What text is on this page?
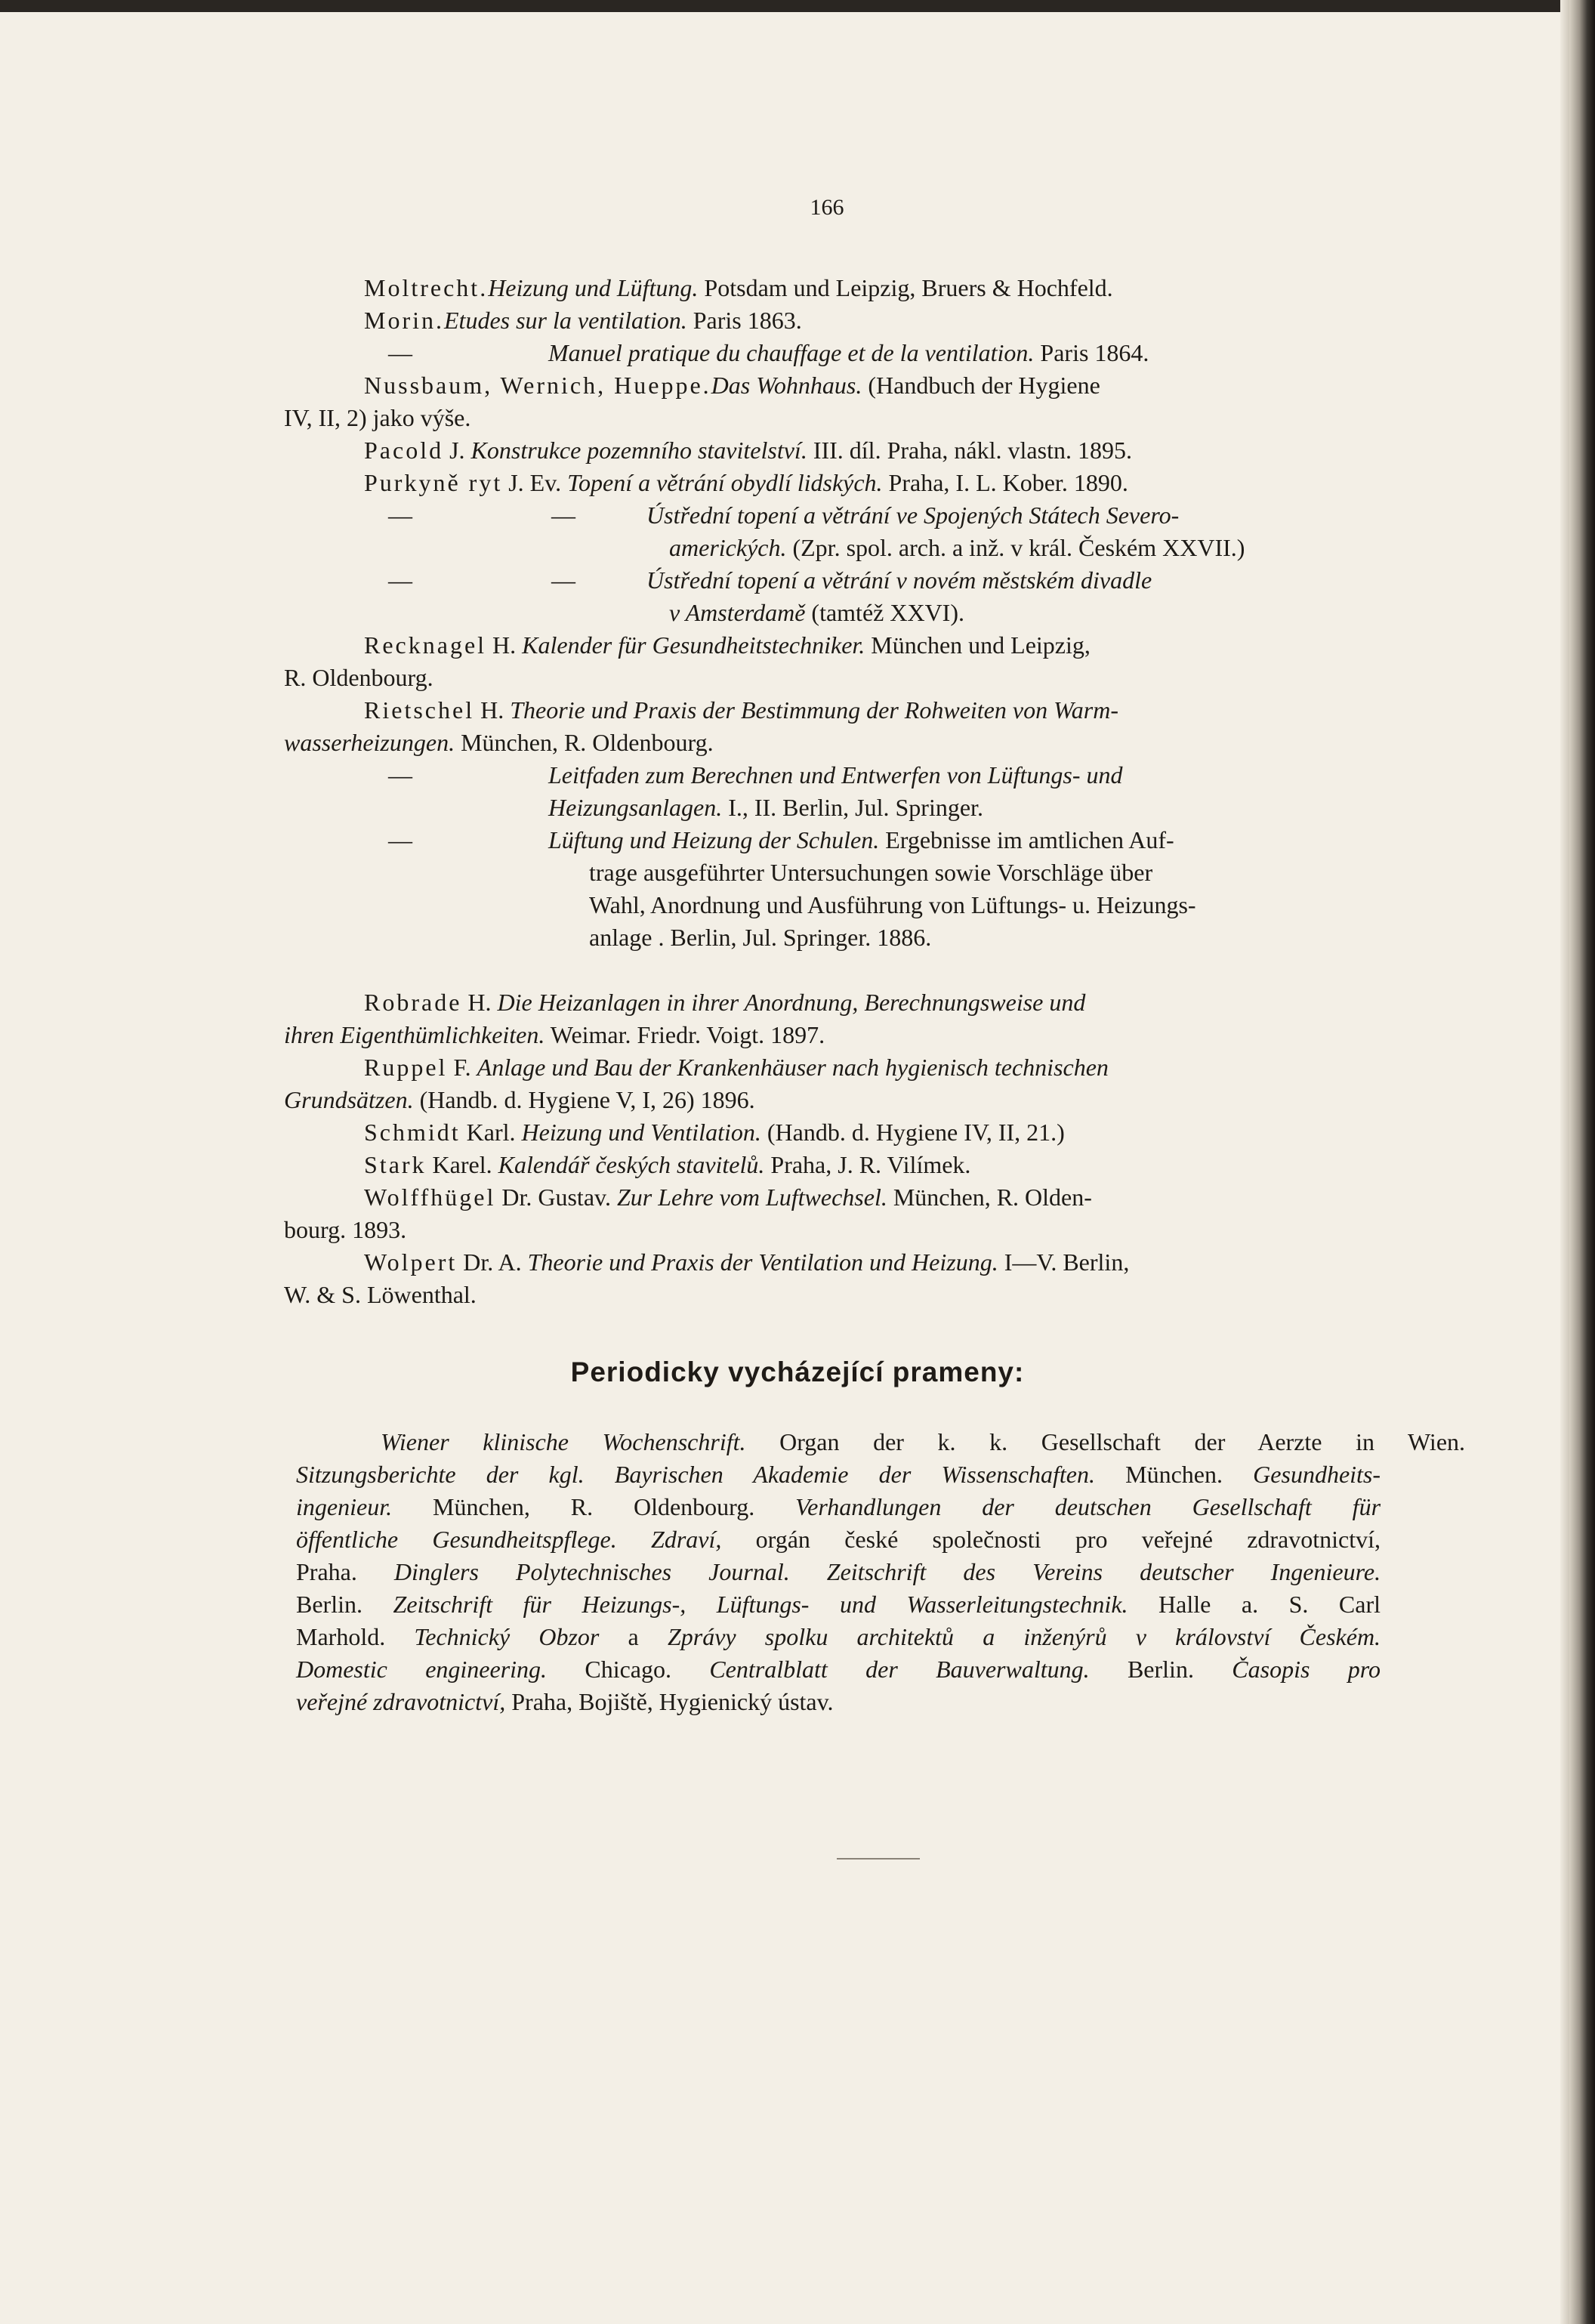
166
Moltrecht.Heizung und Lüftung. Potsdam und Leipzig, Bruers & Hochfeld.
Morin.Etudes sur la ventilation. Paris 1863.
—	Manuel pratique du chauffage et de la ventilation. Paris 1864.
Nussbaum, Wernich, Hueppe.Das Wohnhaus. (Handbuch der Hygiene
IV, II, 2) jako výše.
Pacold J. Konstrukce pozemního stavitelství. III. díl. Praha, nákl. vlastn. 1895.
Purkyně ryt J. Ev. Topení a větrání obydlí lidských. Praha, I. L. Kober. 1890.
—	—	Ústřední topení a větrání ve Spojených Státech Severo-
amerických. (Zpr. spol. arch. a inž. v král. Českém XXVII.)
—	—	Ústřední topení a větrání v novém městském divadle
v Amsterdamě (tamtéž XXVI).
Recknagel H. Kalender für Gesundheitstechniker. München und Leipzig,
R. Oldenbourg.
Rietschel H. Theorie und Praxis der Bestimmung der Rohweiten von Warm-
wasserheizungen. München, R. Oldenbourg.
—	Leitfaden zum Berechnen und Entwerfen von Lüftungs- und
Heizungsanlagen. I., II. Berlin, Jul. Springer.
—	Lüftung und Heizung der Schulen. Ergebnisse im amtlichen Auf-
trage ausgeführter Untersuchungen sowie Vorschläge über
Wahl, Anordnung und Ausführung von Lüftungs- u. Heizungs-
anlage . Berlin, Jul. Springer. 1886.
Robrade H. Die Heizanlagen in ihrer Anordnung, Berechnungsweise und
ihren Eigenthümlichkeiten. Weimar. Friedr. Voigt. 1897.
Ruppel F. Anlage und Bau der Krankenhäuser nach hygienisch technischen
Grundsätzen. (Handb. d. Hygiene V, I, 26) 1896.
Schmidt Karl. Heizung und Ventilation. (Handb. d. Hygiene IV, II, 21.)
Stark Karel. Kalendář českých stavitelů. Praha, J. R. Vilímek.
Wolffhügel Dr. Gustav. Zur Lehre vom Luftwechsel. München, R. Olden-
bourg. 1893.
Wolpert Dr. A. Theorie und Praxis der Ventilation und Heizung. I—V. Berlin,
W. & S. Löwenthal.
Periodicky vycházející prameny:
Wiener klinische Wochenschrift. Organ der k. k. Gesellschaft der Aerzte in Wien.
Sitzungsberichte der kgl. Bayrischen Akademie der Wissenschaften. München. Gesundheits-
ingenieur. München, R. Oldenbourg. Verhandlungen der deutschen Gesellschaft für
öffentliche Gesundheitspflege. Zdraví, orgán české společnosti pro veřejné zdravotnictví,
Praha. Dinglers Polytechnisches Journal. Zeitschrift des Vereins deutscher Ingenieure.
Berlin. Zeitschrift für Heizungs-, Lüftungs- und Wasserleitungstechnik. Halle a. S. Carl
Marhold. Technický Obzor a Zprávy spolku architektů a inženýrů v království Českém.
Domestic engineering. Chicago. Centralblatt der Bauverwaltung. Berlin. Časopis pro
veřejné zdravotnictví, Praha, Bojiště, Hygienický ústav.
